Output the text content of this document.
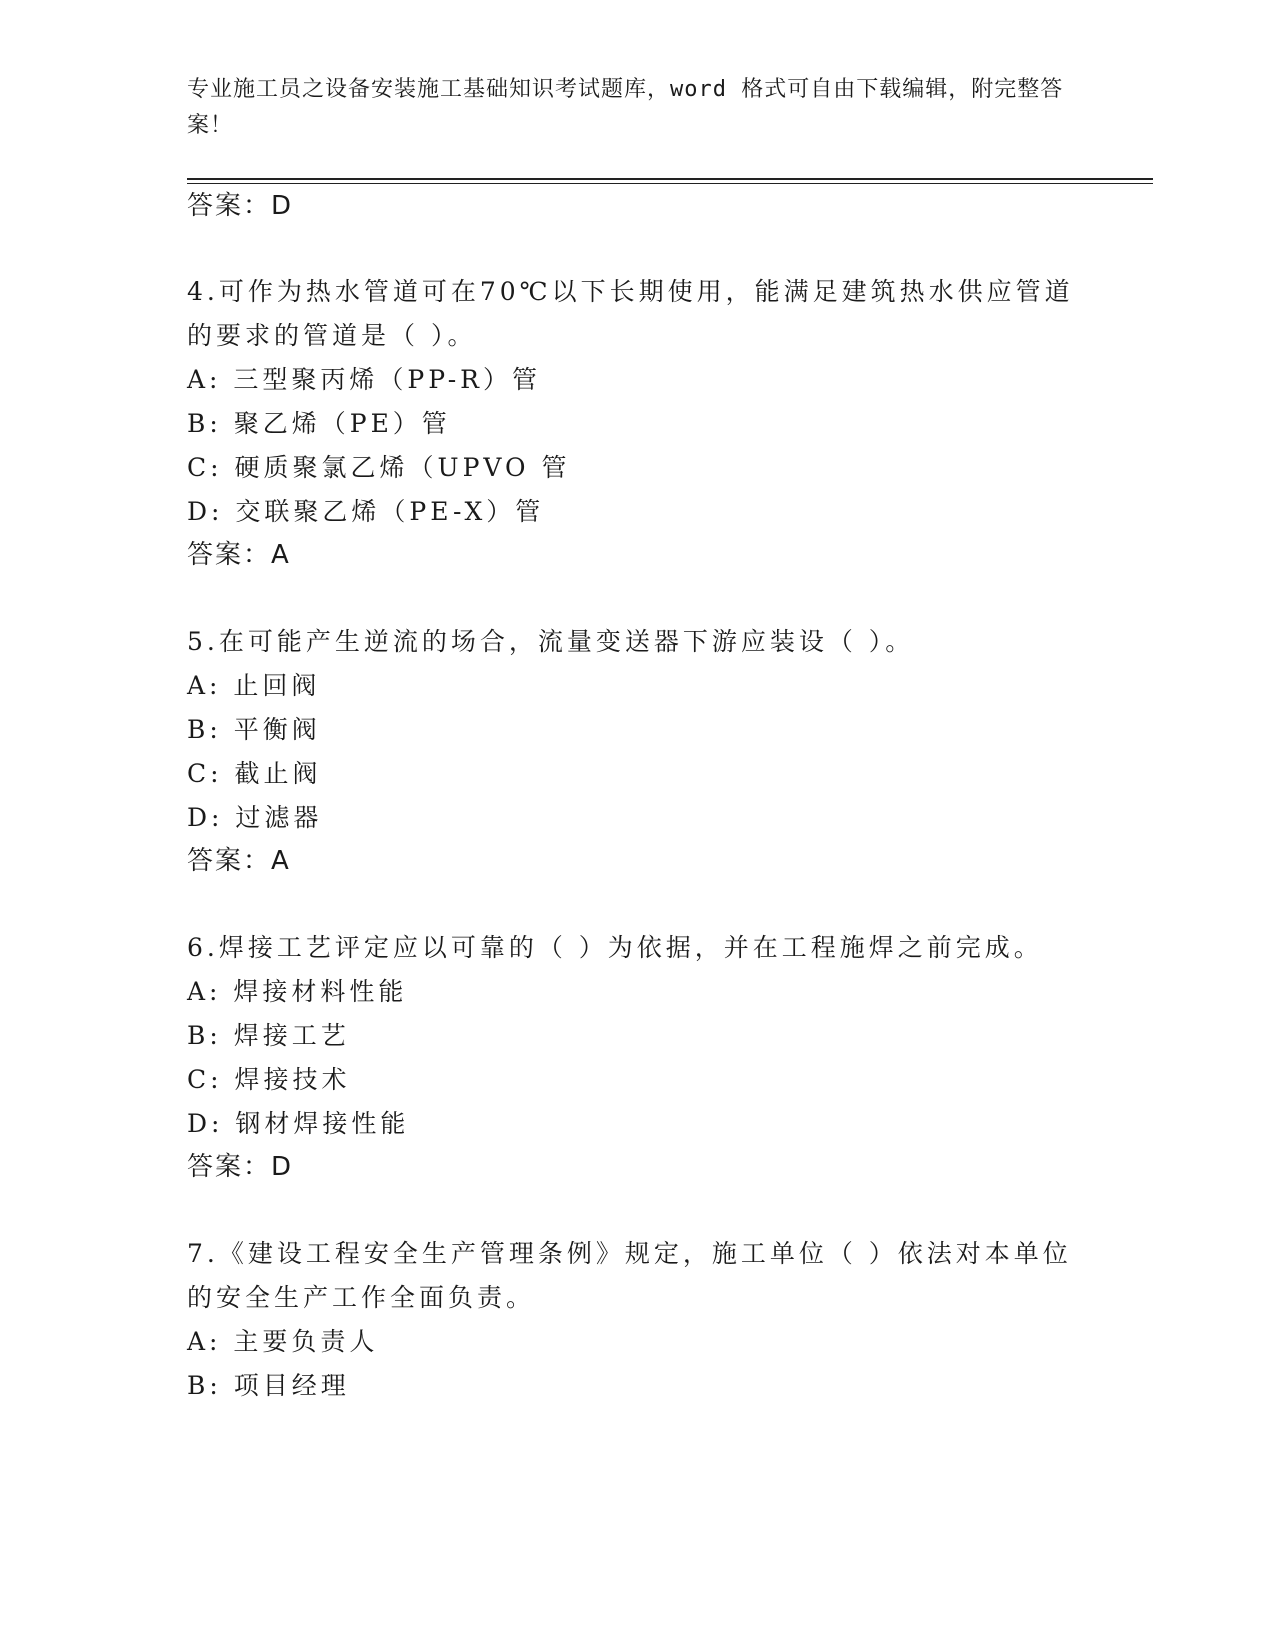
专业施工员之设备安装施工基础知识考试题库，word 格式可自由下载编辑，附完整答案！
答案：D
4.可作为热水管道可在70℃以下长期使用，能满足建筑热水供应管道
的要求的管道是（ ）。
A: 三型聚丙烯（PP-R）管
B: 聚乙烯（PE）管
C: 硬质聚氯乙烯（UPVO 管
D: 交联聚乙烯（PE-X）管
答案：A
5.在可能产生逆流的场合，流量变送器下游应装设（ ）。
A: 止回阀
B: 平衡阀
C: 截止阀
D: 过滤器
答案：A
6.焊接工艺评定应以可靠的（ ）为依据，并在工程施焊之前完成。
A: 焊接材料性能
B: 焊接工艺
C: 焊接技术
D: 钢材焊接性能
答案：D
7.《建设工程安全生产管理条例》规定，施工单位（ ）依法对本单位
的安全生产工作全面负责。
A: 主要负责人
B: 项目经理
